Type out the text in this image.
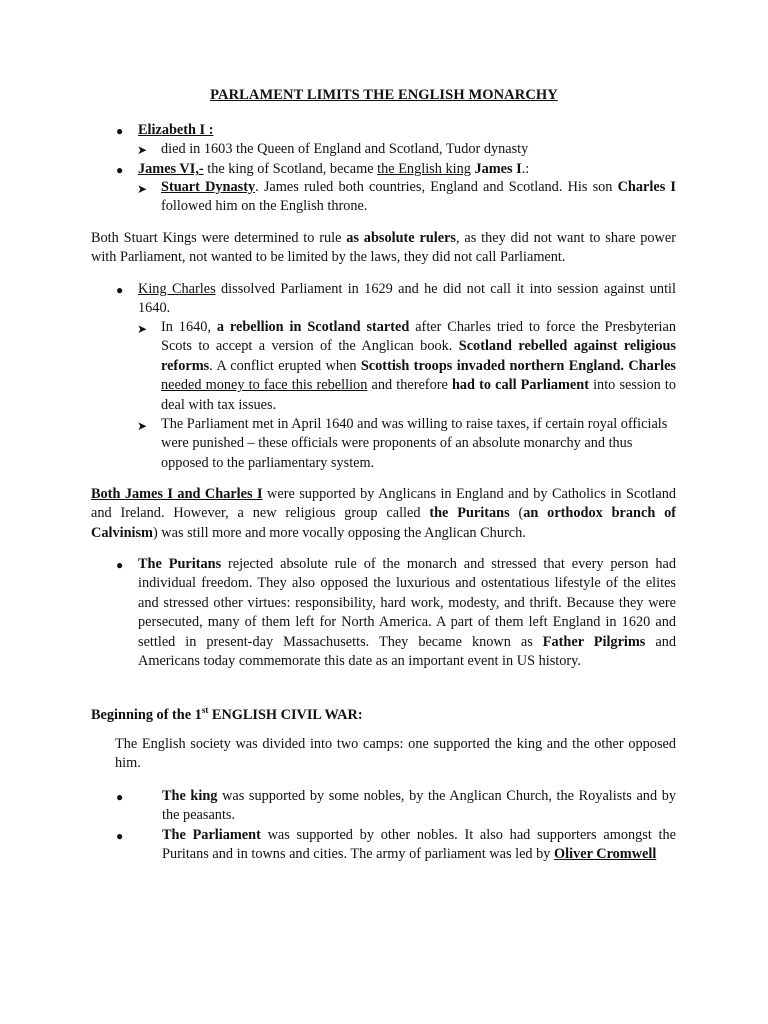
PARLAMENT LIMITS THE ENGLISH MONARCHY
● Elizabeth I :
➤ died in 1603 the Queen of England and Scotland, Tudor dynasty
● James VI,- the king of Scotland, became the English king James I.:
➤ Stuart Dynasty. James ruled both countries, England and Scotland. His son Charles I followed him on the English throne.
Both Stuart Kings were determined to rule as absolute rulers, as they did not want to share power with Parliament, not wanted to be limited by the laws, they did not call Parliament.
● King Charles dissolved Parliament in 1629 and he did not call it into session against until 1640.
➤ In 1640, a rebellion in Scotland started after Charles tried to force the Presbyterian Scots to accept a version of the Anglican book. Scotland rebelled against religious reforms. A conflict erupted when Scottish troops invaded northern England. Charles needed money to face this rebellion and therefore had to call Parliament into session to deal with tax issues.
➤ The Parliament met in April 1640 and was willing to raise taxes, if certain royal officials were punished – these officials were proponents of an absolute monarchy and thus opposed to the parliamentary system.
Both James I and Charles I were supported by Anglicans in England and by Catholics in Scotland and Ireland. However, a new religious group called the Puritans (an orthodox branch of Calvinism) was still more and more vocally opposing the Anglican Church.
● The Puritans rejected absolute rule of the monarch and stressed that every person had individual freedom. They also opposed the luxurious and ostentatious lifestyle of the elites and stressed other virtues: responsibility, hard work, modesty, and thrift. Because they were persecuted, many of them left for North America. A part of them left England in 1620 and settled in present-day Massachusetts. They became known as Father Pilgrims and Americans today commemorate this date as an important event in US history.
Beginning of the 1st ENGLISH CIVIL WAR:
The English society was divided into two camps: one supported the king and the other opposed him.
●	The king was supported by some nobles, by the Anglican Church, the Royalists and by the peasants.
●	The Parliament was supported by other nobles. It also had supporters amongst the Puritans and in towns and cities. The army of parliament was led by Oliver Cromwell
